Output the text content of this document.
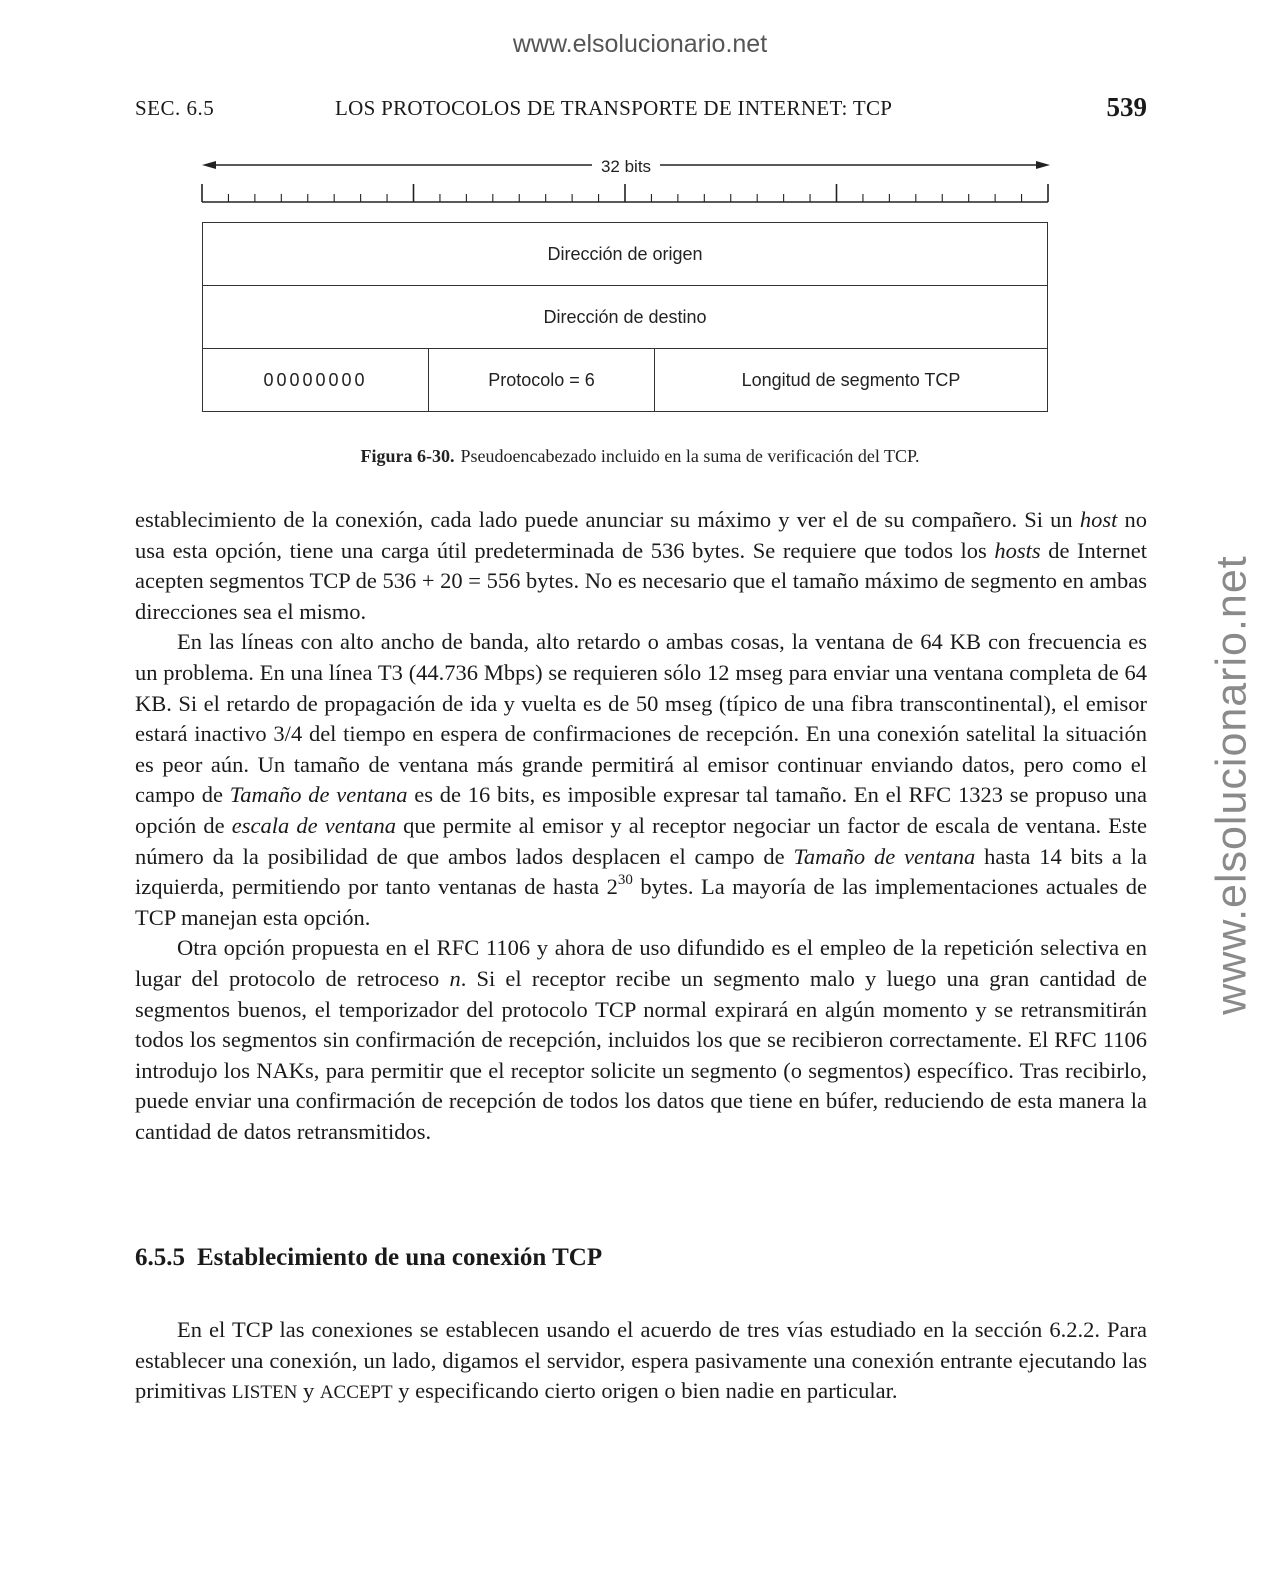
www.elsolucionario.net
www.elsolucionario.net
SEC. 6.5	LOS PROTOCOLOS DE TRANSPORTE DE INTERNET: TCP	539
32 bits
Dirección de origen
Dirección de destino
00000000	Protocolo = 6	Longitud de segmento TCP
Figura 6-30. Pseudoencabezado incluido en la suma de verificación del TCP.

establecimiento de la conexión, cada lado puede anunciar su máximo y ver el de su compañero. Si un host no usa esta opción, tiene una carga útil predeterminada de 536 bytes. Se requiere que todos los hosts de Internet acepten segmentos TCP de 536 + 20 = 556 bytes. No es necesario que el tamaño máximo de segmento en ambas direcciones sea el mismo.

En las líneas con alto ancho de banda, alto retardo o ambas cosas, la ventana de 64 KB con frecuencia es un problema. En una línea T3 (44.736 Mbps) se requieren sólo 12 mseg para enviar una ventana completa de 64 KB. Si el retardo de propagación de ida y vuelta es de 50 mseg (típico de una fibra transcontinental), el emisor estará inactivo 3/4 del tiempo en espera de confirmaciones de recepción. En una conexión satelital la situación es peor aún. Un tamaño de ventana más grande permitirá al emisor continuar enviando datos, pero como el campo de Tamaño de ventana es de 16 bits, es imposible expresar tal tamaño. En el RFC 1323 se propuso una opción de escala de ventana que permite al emisor y al receptor negociar un factor de escala de ventana. Este número da la posibilidad de que ambos lados desplacen el campo de Tamaño de ventana hasta 14 bits a la izquierda, permitiendo por tanto ventanas de hasta $2^{30}$ bytes. La mayoría de las implementaciones actuales de TCP manejan esta opción.

Otra opción propuesta en el RFC 1106 y ahora de uso difundido es el empleo de la repetición selectiva en lugar del protocolo de retroceso n. Si el receptor recibe un segmento malo y luego una gran cantidad de segmentos buenos, el temporizador del protocolo TCP normal expirará en algún momento y se retransmitirán todos los segmentos sin confirmación de recepción, incluidos los que se recibieron correctamente. El RFC 1106 introdujo los NAKs, para permitir que el receptor solicite un segmento (o segmentos) específico. Tras recibirlo, puede enviar una confirmación de recepción de todos los datos que tiene en búfer, reduciendo de esta manera la cantidad de datos retransmitidos.

6.5.5 Establecimiento de una conexión TCP

En el TCP las conexiones se establecen usando el acuerdo de tres vías estudiado en la sección 6.2.2. Para establecer una conexión, un lado, digamos el servidor, espera pasivamente una conexión entrante ejecutando las primitivas LISTEN y ACCEPT y especificando cierto origen o bien nadie en particular.
